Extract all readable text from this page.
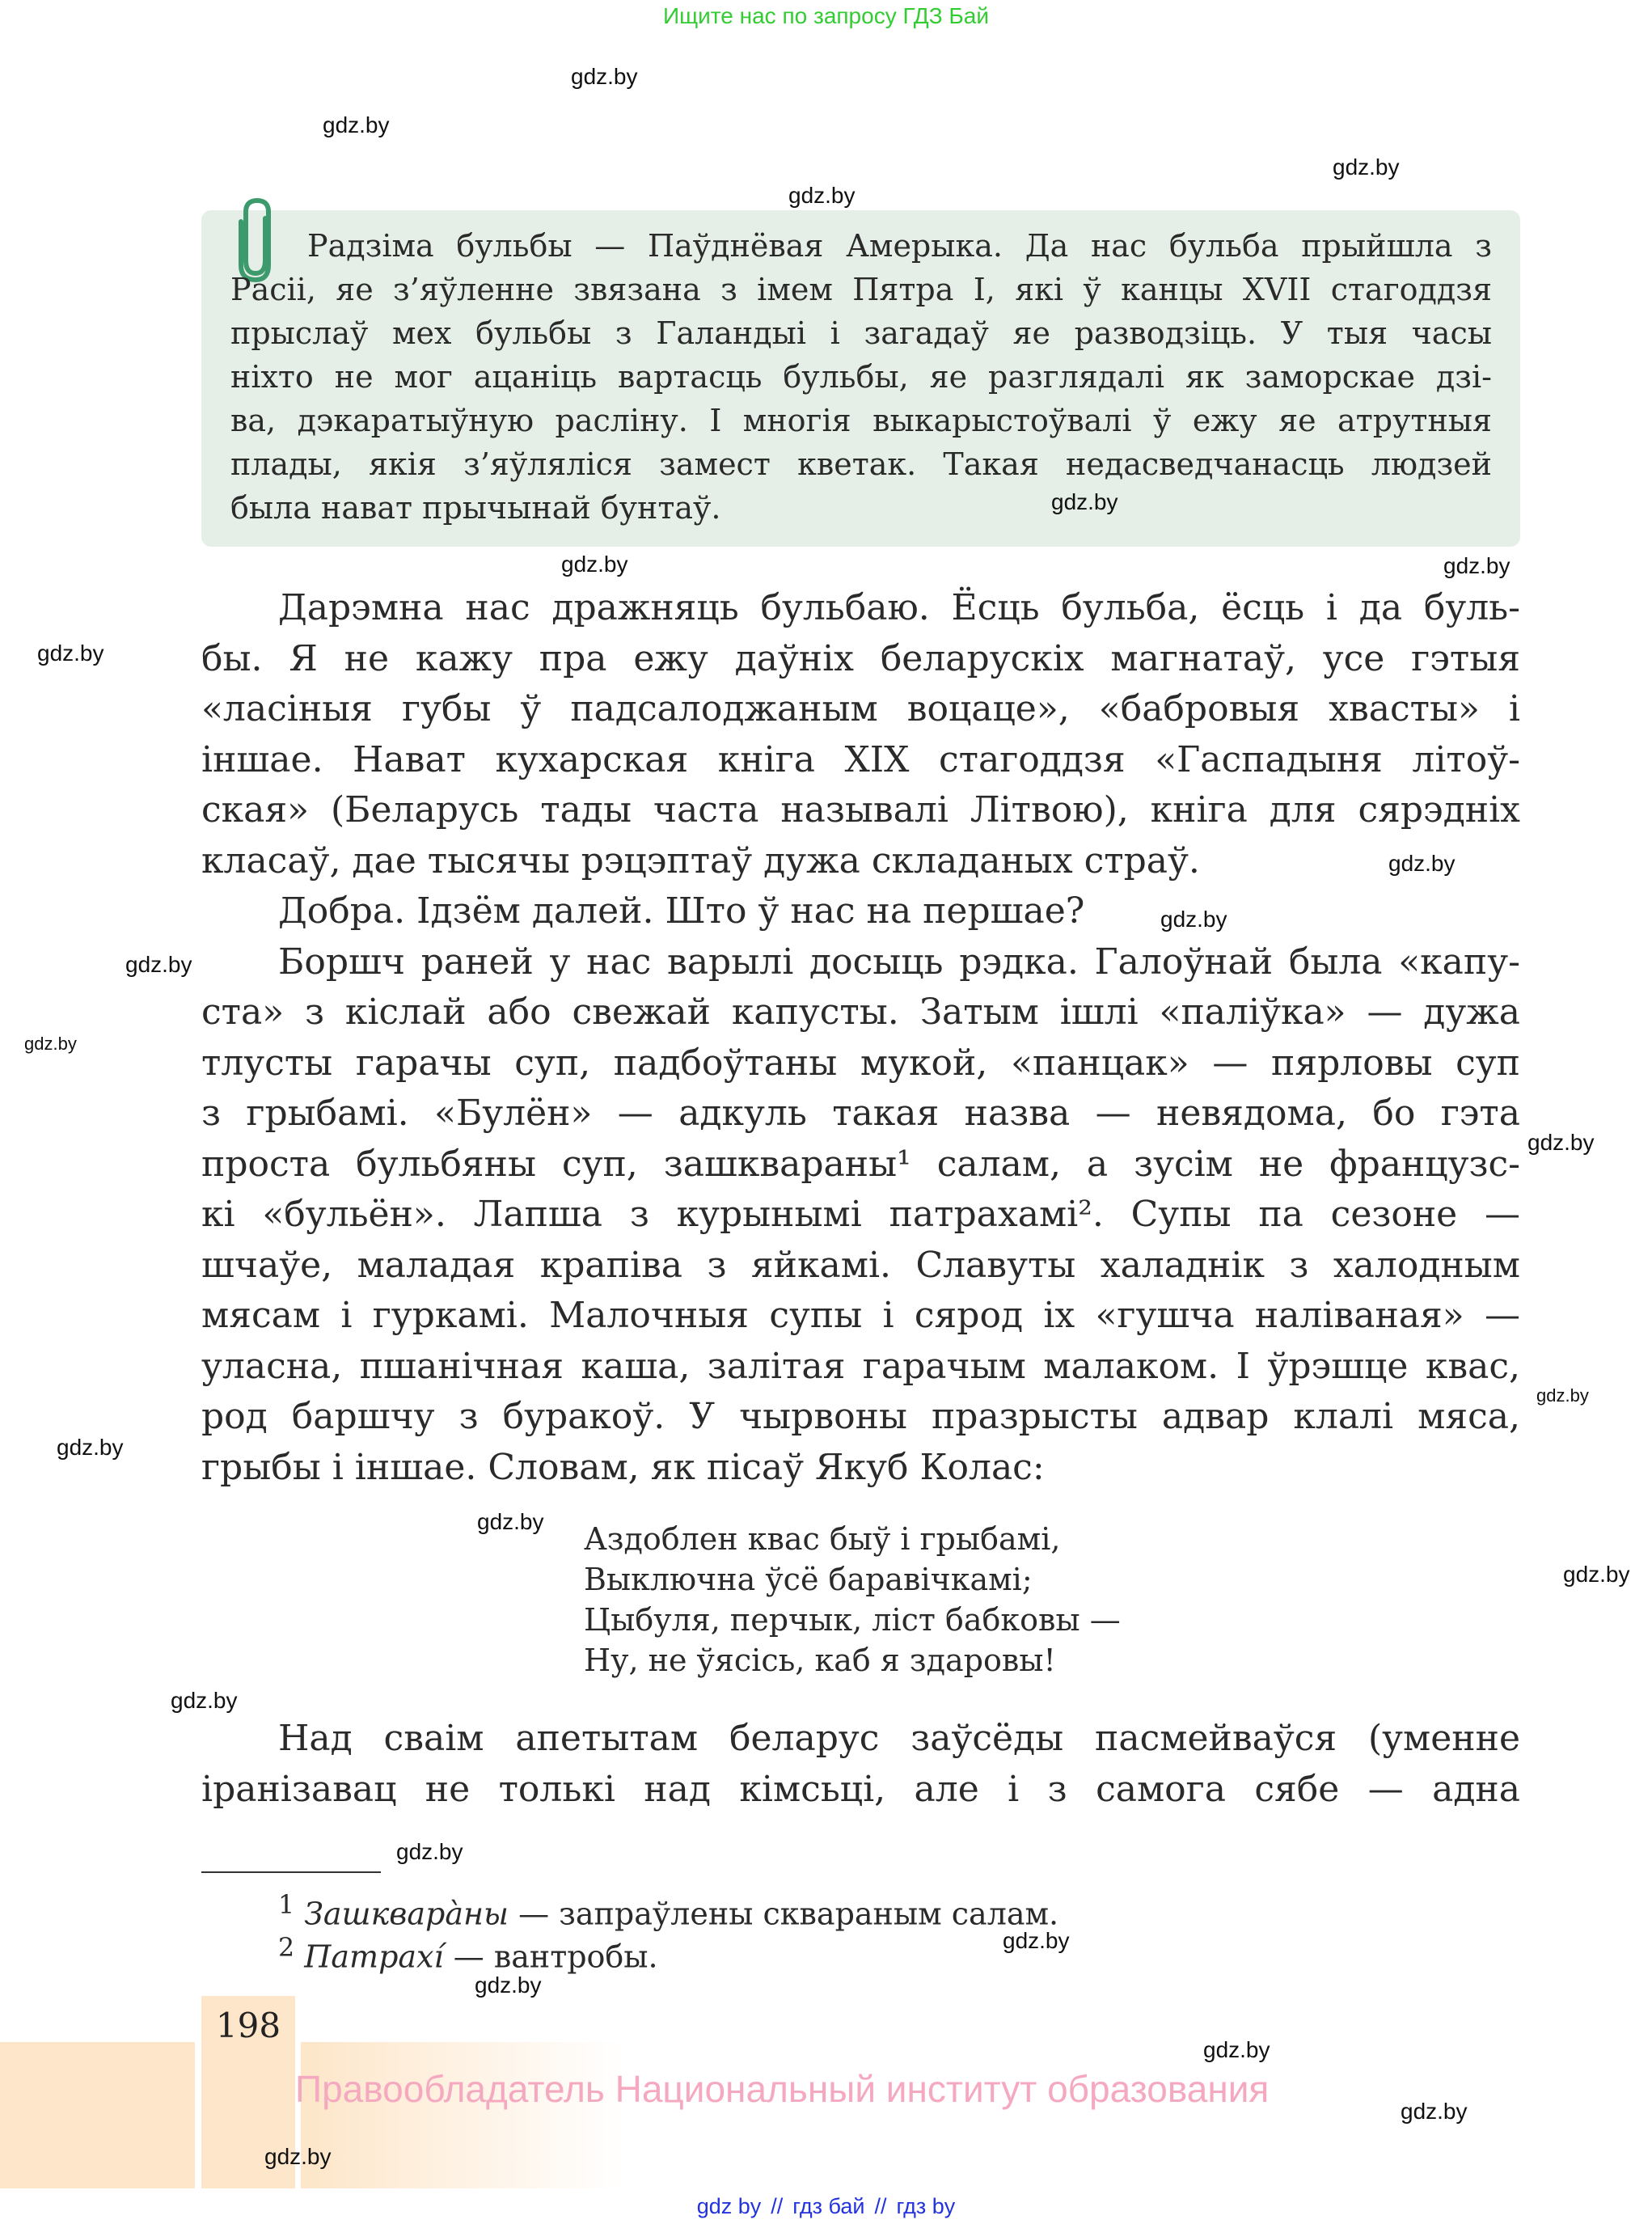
Ищите нас по запросу ГДЗ Бай
Радзіма бульбы — Паўднёвая Амерыка. Да нас бульба прыйшла з
Расіі, яе з’яўленне звязана з імем Пятра І, які ў канцы XVII стагоддзя
прыслаў мех бульбы з Галандыі і загадаў яе разводзіць. У тыя часы
ніхто не мог ацаніць вартасць бульбы, яе разглядалі як заморскае дзі-
ва, дэкаратыўную расліну. І многія выкарыстоўвалі ў ежу яе атрутныя
плады, якія з’яўляліся замест кветак. Такая недасведчанасць людзей
была нават прычынай бунтаў.
Дарэмна нас дражняць бульбаю. Ёсць бульба, ёсць і да буль-
бы. Я не кажу пра ежу даўніх беларускіх магнатаў, усе гэтыя
«ласіныя губы ў падсалоджаным воцаце», «бабровыя хвасты» і
іншае. Нават кухарская кніга XIX стагоддзя «Гаспадыня літоў-
ская» (Беларусь тады часта называлі Літвою), кніга для сярэдніх
класаў, дае тысячы рэцэптаў дужа складаных страў.
Добра. Ідзём далей. Што ў нас на першае?
Боршч раней у нас варылі досыць рэдка. Галоўнай была «капу-
ста» з кіслай або свежай капусты. Затым ішлі «паліўка» — дужа
тлусты гарачы суп, падбоўтаны мукой, «панцак» — пярловы суп
з грыбамі. «Булён» — адкуль такая назва — невядома, бо гэта
проста бульбяны суп, зашквараны¹ салам, а зусім не французс-
кі «бульён». Лапша з курынымі патрахамі². Супы па сезоне —
шчаўе, маладая крапіва з яйкамі. Славуты халаднік з халодным
мясам і гуркамі. Малочныя супы і сярод іх «гушча наліваная» —
уласна, пшанічная каша, залітая гарачым малаком. І ўрэшце квас,
род баршчу з буракоў. У чырвоны празрысты адвар клалі мяса,
грыбы і іншае. Словам, як пісаў Якуб Колас:
Аздоблен квас быў і грыбамі,
Выключна ўсё баравічкамі;
Цыбуля, перчык, ліст бабковы —
Ну, не ўясісь, каб я здаровы!
Над сваім апетытам беларус заўсёды пасмейваўся (уменне
іранізавац не толькі над кімсьці, але і з самога сябе — адна
$^1$ Зашкварàны — запраўлены скварaным салам.
$^2$ Патрахí — вантробы.
198
Правообладатель Национальный институт образования
gdz by // гдз бай // гдз by
gdz.by
gdz.by
gdz.by
gdz.by
gdz.by
gdz.by	gdz.by
gdz.by
gdz.by
gdz.by
gdz.by
gdz.by
gdz.by
gdz.by
gdz.by
gdz.by
gdz.by
gdz.by
gdz.by
gdz.by
gdz.by
gdz.by
gdz.by
gdz.by
